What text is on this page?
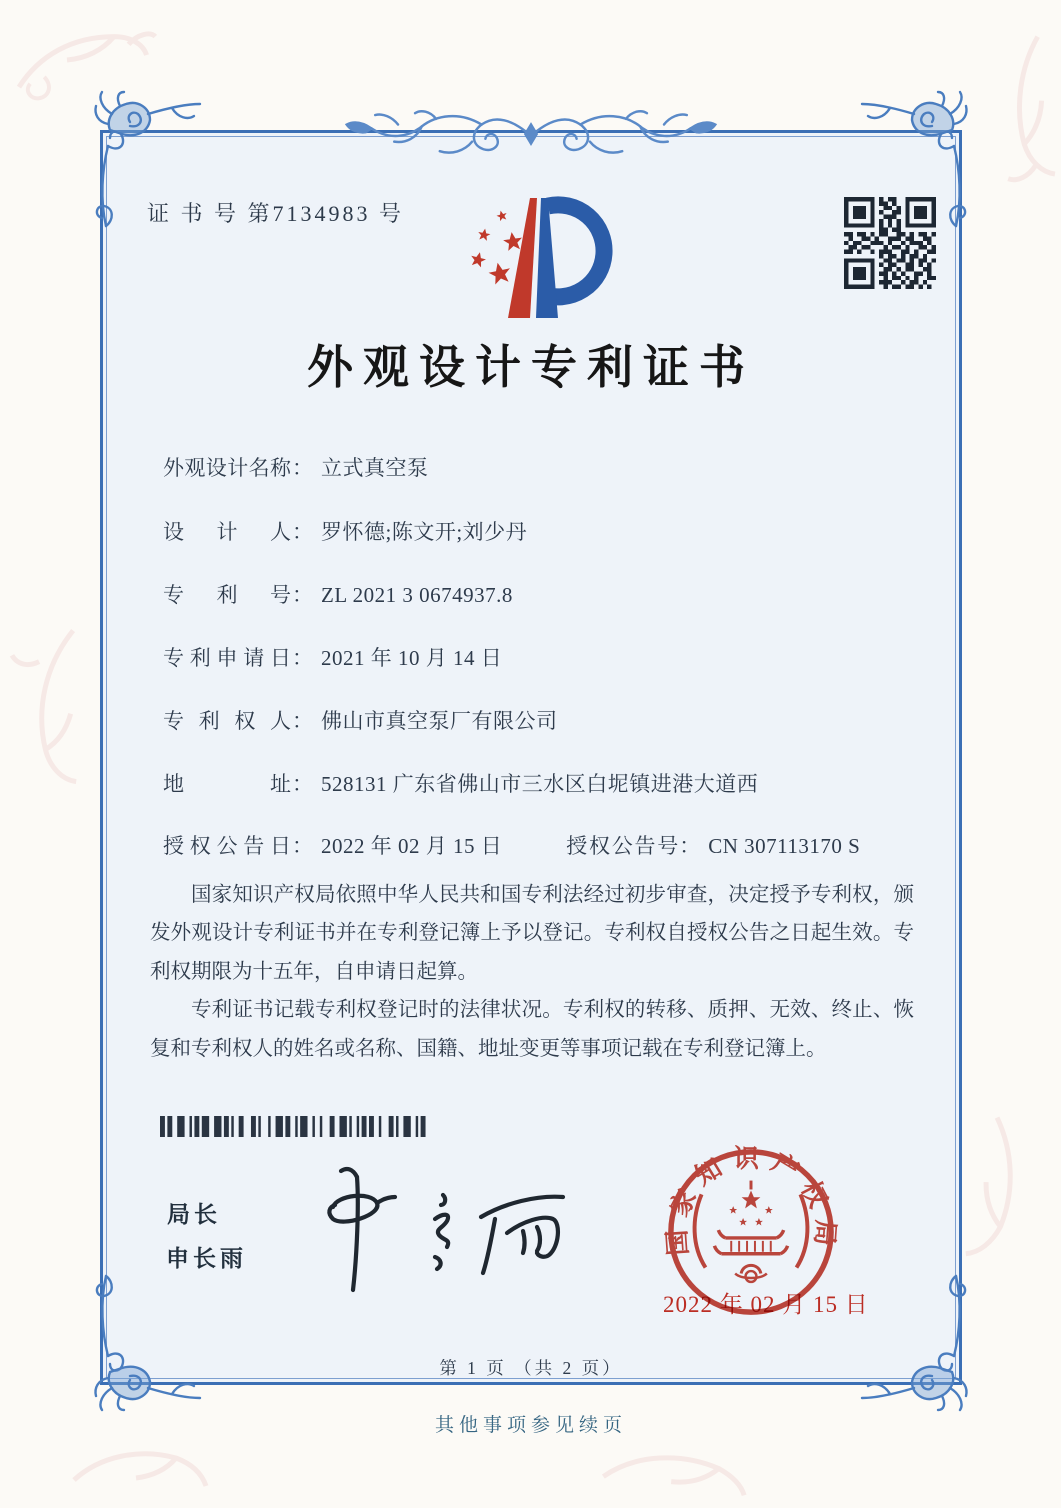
证 书 号 第7134983 号
外观设计专利证书
外观设计名称： 立式真空泵
设计人： 罗怀德;陈文开;刘少丹
专利号： ZL 2021 3 0674937.8
专利申请日： 2021 年 10 月 14 日
专利权人： 佛山市真空泵厂有限公司
地址： 528131 广东省佛山市三水区白坭镇进港大道西
授权公告日： 2022 年 02 月 15 日	授权公告号： CN 307113170 S

国家知识产权局依照中华人民共和国专利法经过初步审查，决定授予专利权，颁发外观设计专利证书并在专利登记簿上予以登记。专利权自授权公告之日起生效。专利权期限为十五年，自申请日起算。

专利证书记载专利权登记时的法律状况。专利权的转移、质押、无效、终止、恢复和专利权人的姓名或名称、国籍、地址变更等事项记载在专利登记簿上。

局长
申长雨
2022 年 02 月 15 日
国家知识产权局
第 1 页 （共 2 页）
其他事项参见续页
